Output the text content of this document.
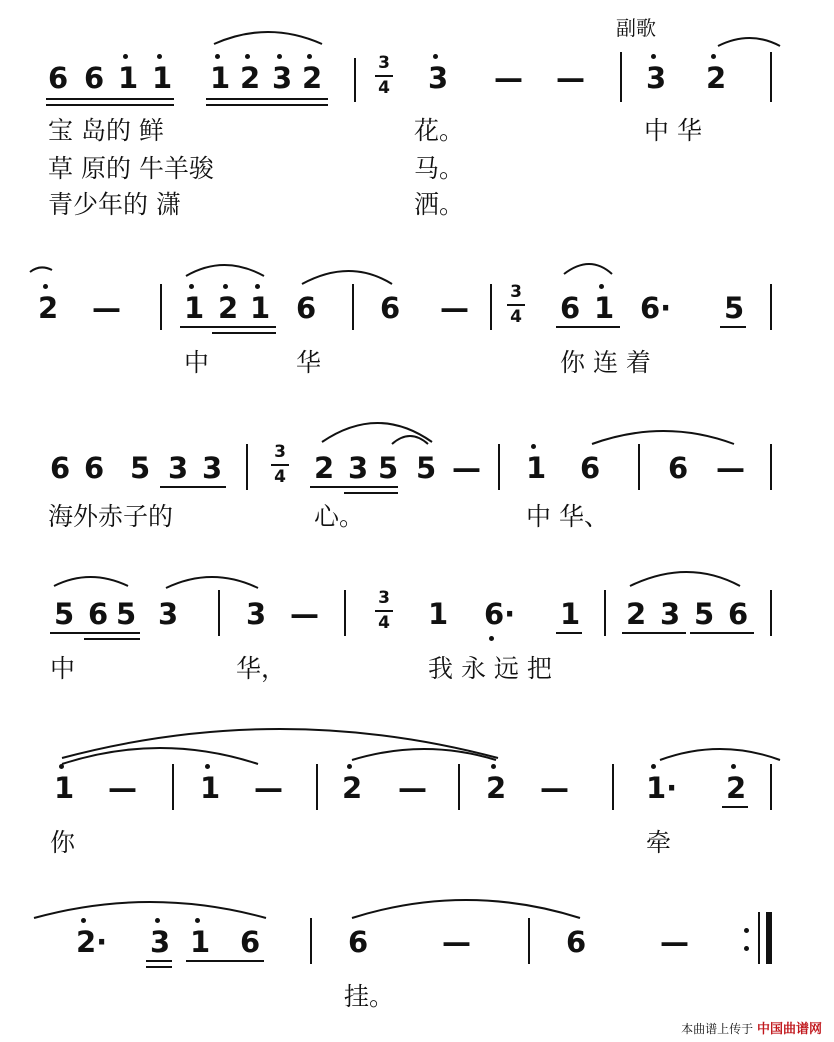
副歌
6 6 1 1 1 2 3 2	3
4 3 — — 3 2
宝 岛的 鲜	花。	中 华
草 原的 牛羊骏	马。
青少年的 潇	洒。
2 — 1 2 1 6 6 — 3
4 6 1 6· 5
中	华	你 连 着
6 6 5 3 3	3
4 2 3 5 5 — 1 6 6 —
海外赤子的	心。	中 华、
5 6 5 3 3 —	3
4 1 6· 1 2 3 5 6
中	华，	我 永 远 把
1 — 1 — 2 — 2 —	1· 2
你	牵
2· 3 1 6	6	—	6	—
挂。
本曲谱上传于 中国曲谱网
